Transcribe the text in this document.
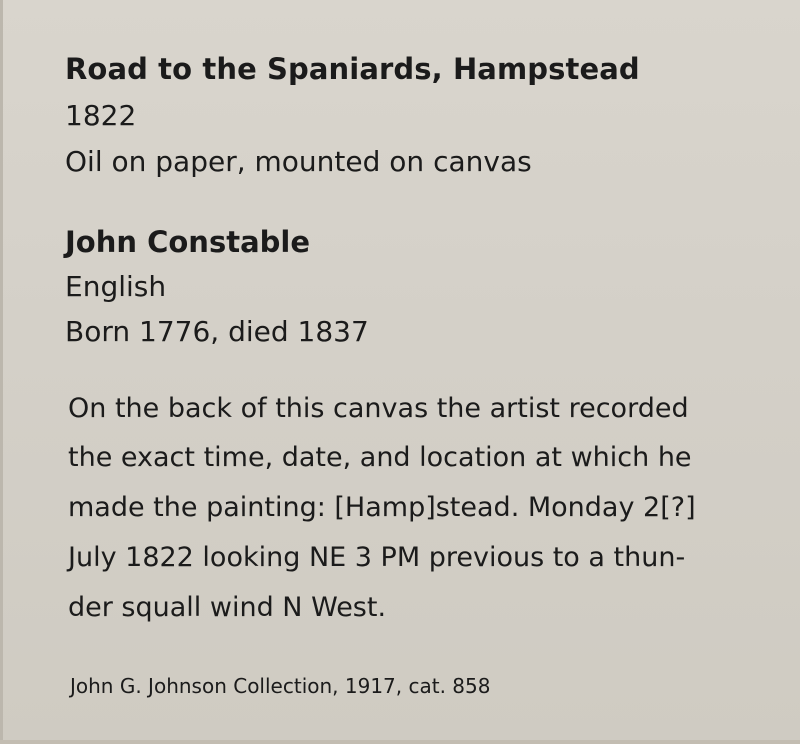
Road to the Spaniards, Hampstead

1822

Oil on paper, mounted on canvas

John Constable

English

Born 1776, died 1837

On the back of this canvas the artist recorded

the exact time, date, and location at which he

made the painting: [Hamp]stead. Monday 2[?]

July 1822 looking NE 3 PM previous to a thun-

der squall wind N West.

John G. Johnson Collection, 1917, cat. 858
